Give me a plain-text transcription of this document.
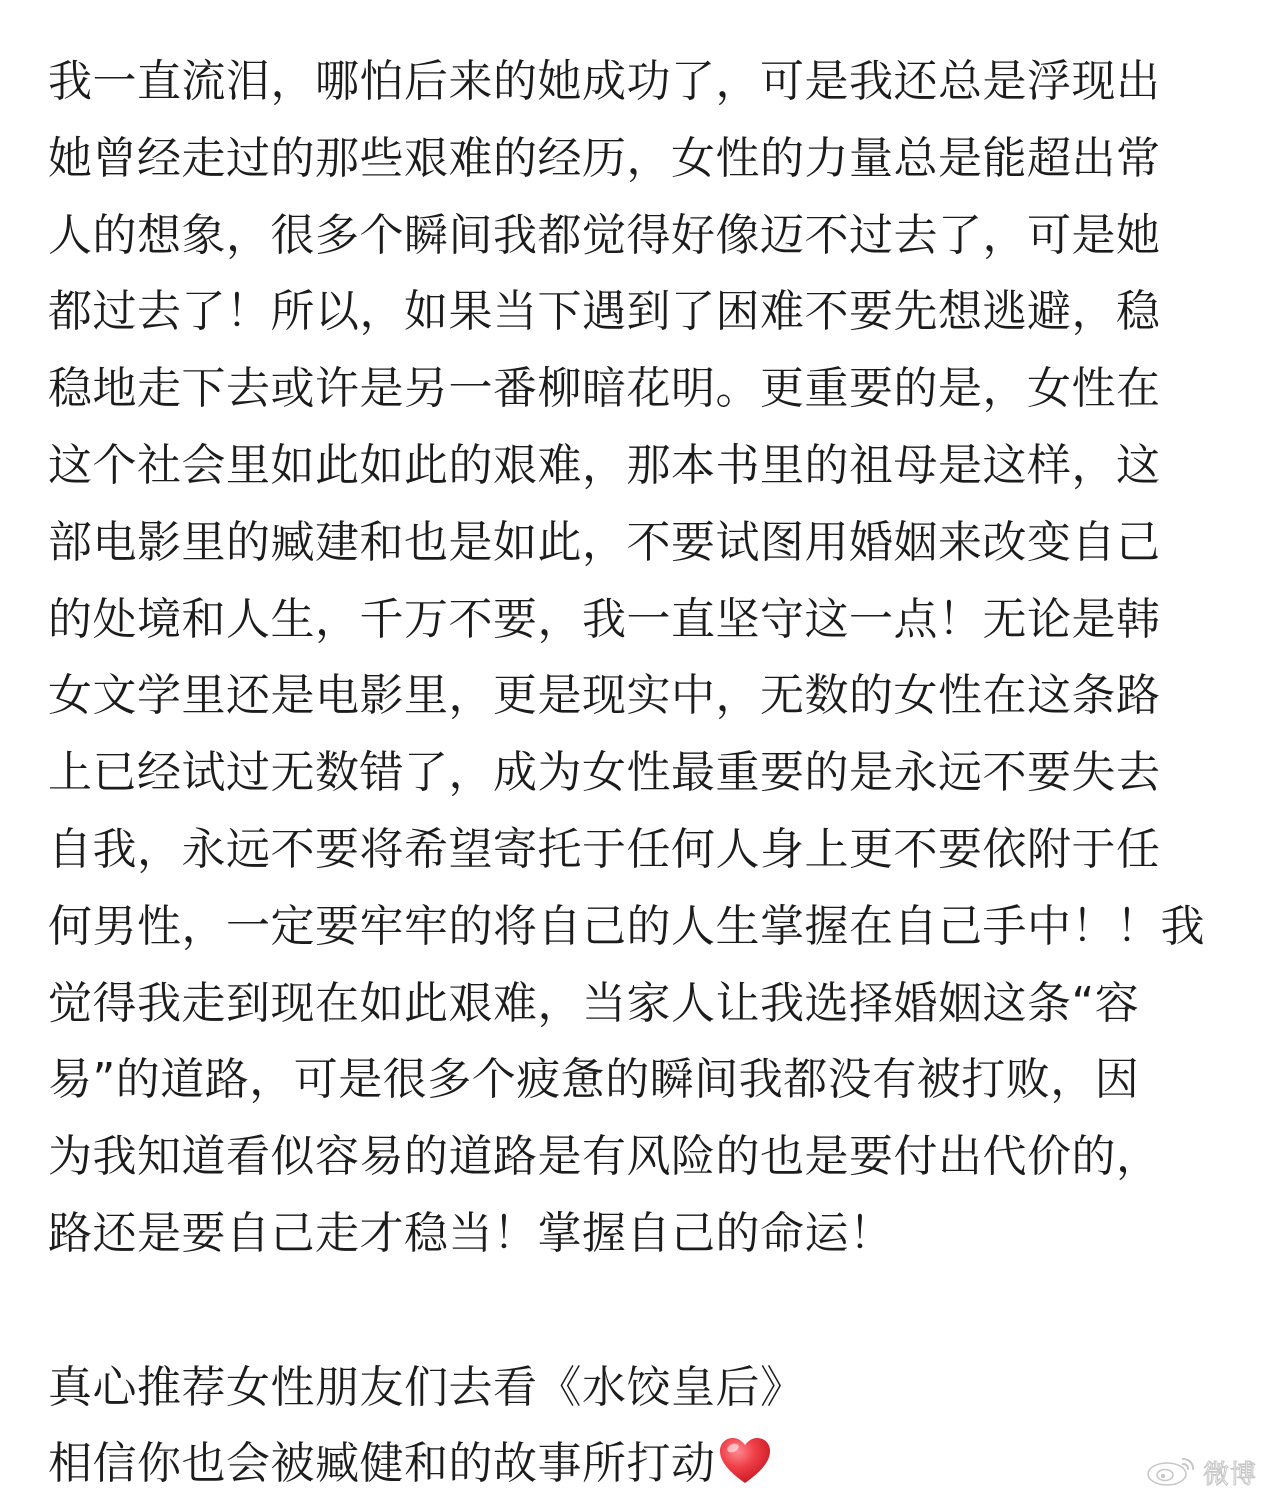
我一直流泪，哪怕后来的她成功了，可是我还总是浮现出
她曾经走过的那些艰难的经历，女性的力量总是能超出常
人的想象，很多个瞬间我都觉得好像迈不过去了，可是她
都过去了！所以，如果当下遇到了困难不要先想逃避，稳
稳地走下去或许是另一番柳暗花明。更重要的是，女性在
这个社会里如此如此的艰难，那本书里的祖母是这样，这
部电影里的臧建和也是如此，不要试图用婚姻来改变自己
的处境和人生，千万不要，我一直坚守这一点！无论是韩
女文学里还是电影里，更是现实中，无数的女性在这条路
上已经试过无数错了，成为女性最重要的是永远不要失去
自我，永远不要将希望寄托于任何人身上更不要依附于任
何男性，一定要牢牢的将自己的人生掌握在自己手中！！我
觉得我走到现在如此艰难，当家人让我选择婚姻这条“容
易”的道路，可是很多个疲惫的瞬间我都没有被打败，因
为我知道看似容易的道路是有风险的也是要付出代价的，
路还是要自己走才稳当！掌握自己的命运！
真心推荐女性朋友们去看《水饺皇后》
相信你也会被臧健和的故事所打动	微博
